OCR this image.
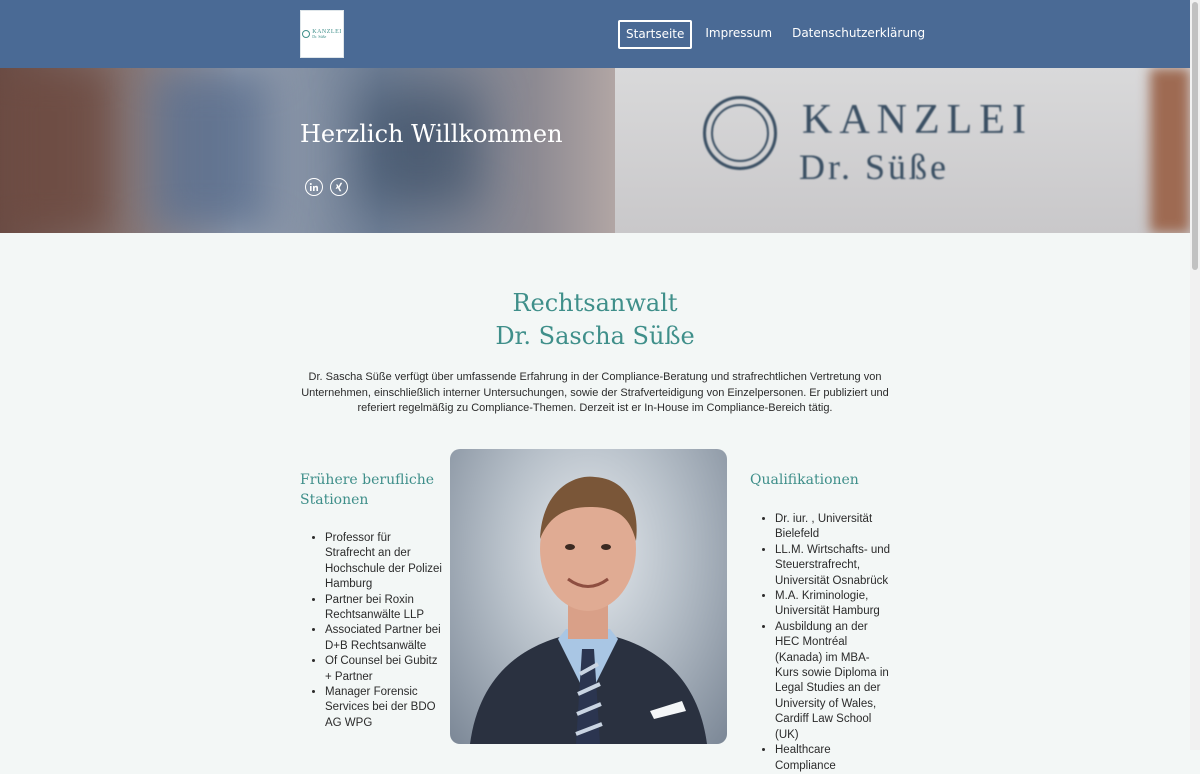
KANZLEI
Dr. Süße	Startseite	Impressum	Datenschutzerklärung
KANZLEI
Dr. Süße
Herzlich Willkommen
Rechtsanwalt
Dr. Sascha Süße

Dr. Sascha Süße verfügt über umfassende Erfahrung in der Compliance-Beratung und strafrechtlichen Vertretung von Unternehmen, einschließlich interner Untersuchungen, sowie der Strafverteidigung von Einzelpersonen. Er publiziert und referiert regelmäßig zu Compliance-Themen. Derzeit ist er In-House im Compliance-Bereich tätig.

Frühere berufliche Stationen
• Professor für Strafrecht an der Hochschule der Polizei Hamburg
• Partner bei Roxin Rechtsanwälte LLP
• Associated Partner bei D+B Rechtsanwälte
• Of Counsel bei Gubitz + Partner
• Manager Forensic Services bei der BDO AG WPG
Qualifikationen
• Dr. iur. , Universität Bielefeld
• LL.M. Wirtschafts- und Steuerstrafrecht, Universität Osnabrück
• M.A. Kriminologie, Universität Hamburg
• Ausbildung an der HEC Montréal (Kanada) im MBA-Kurs sowie Diploma in Legal Studies an der University of Wales, Cardiff Law School (UK)
• Healthcare Compliance
